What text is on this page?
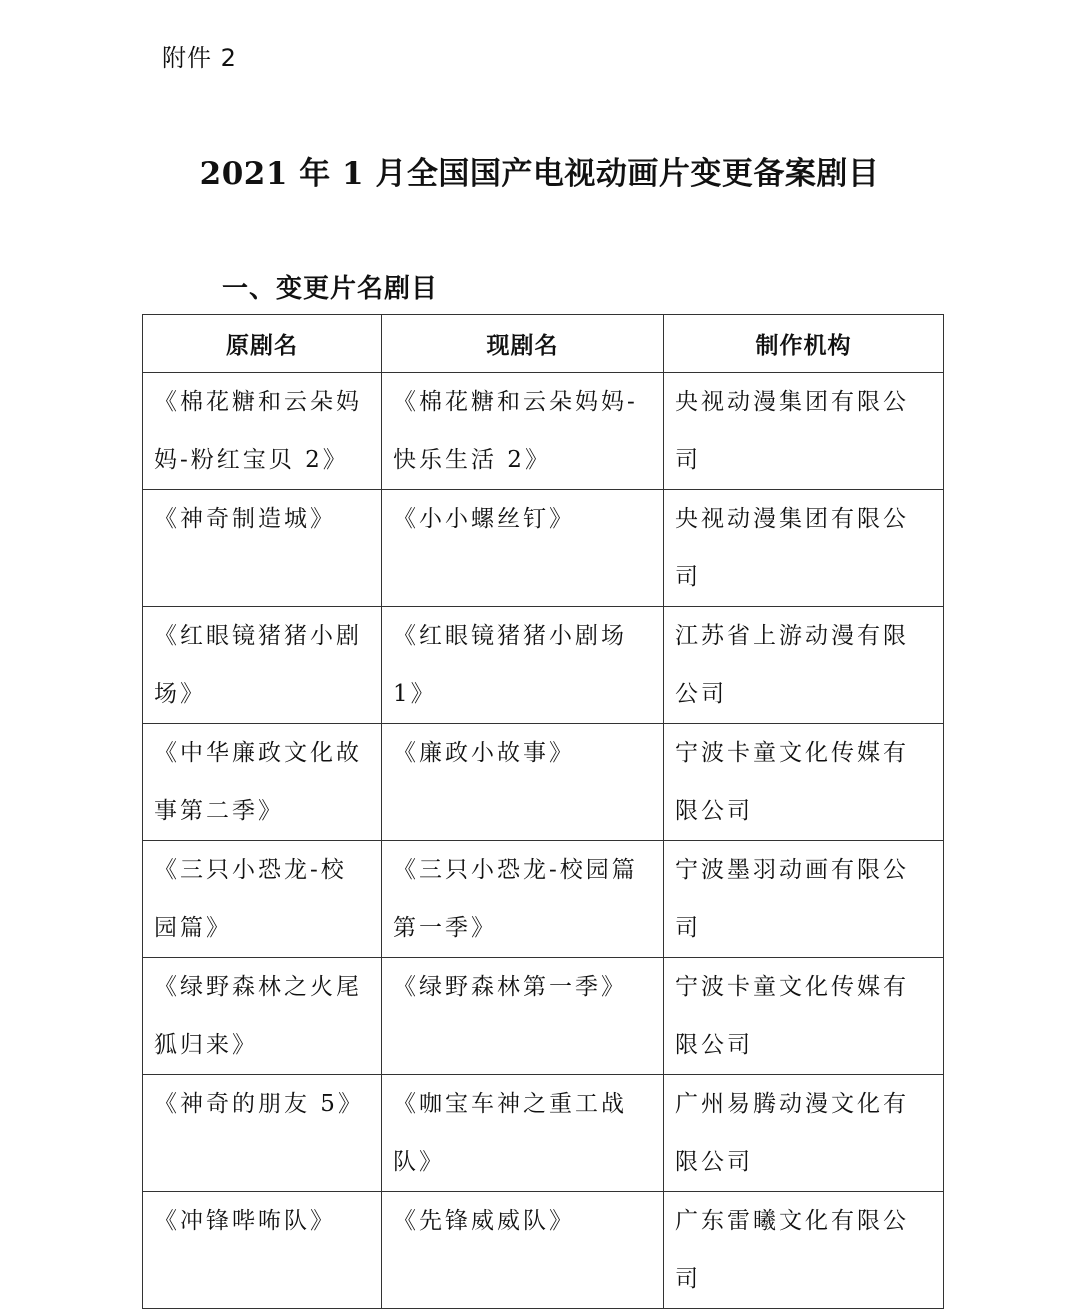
附件 2
2021 年 1 月全国国产电视动画片变更备案剧目
一、变更片名剧目
原剧名	现剧名	制作机构

《棉花糖和云朵妈妈-粉红宝贝 2》	《棉花糖和云朵妈妈-快乐生活 2》	央视动漫集团有限公司

《神奇制造城》	《小小螺丝钉》	央视动漫集团有限公司

《红眼镜猪猪小剧场》	《红眼镜猪猪小剧场 1》	江苏省上游动漫有限公司

《中华廉政文化故事第二季》	《廉政小故事》	宁波卡童文化传媒有限公司

《三只小恐龙-校园篇》	《三只小恐龙-校园篇第一季》	宁波墨羽动画有限公司

《绿野森林之火尾狐归来》	《绿野森林第一季》	宁波卡童文化传媒有限公司

《神奇的朋友 5》	《咖宝车神之重工战队》	广州易腾动漫文化有限公司

《冲锋哔咘队》	《先锋威威队》	广东雷曦文化有限公司
